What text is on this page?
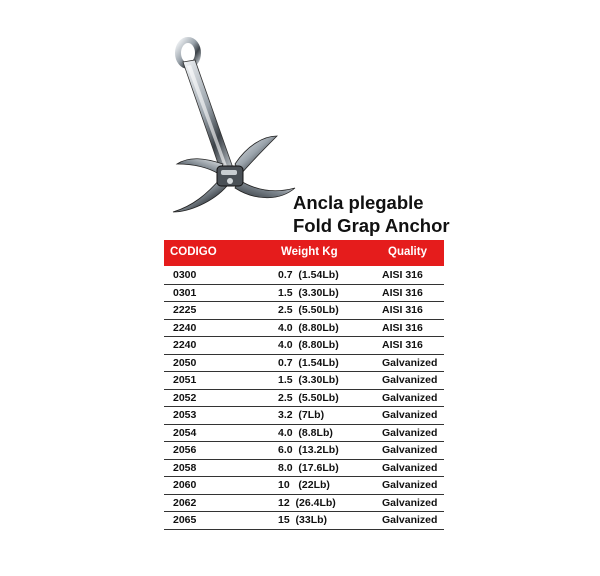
Ancla plegable
Fold Grap Anchor
CODIGO	Weight Kg	Quality
0300	0.7  (1.54Lb)	AISI 316
0301	1.5  (3.30Lb)	AISI 316
2225	2.5  (5.50Lb)	AISI 316
2240	4.0  (8.80Lb)	AISI 316
2240	4.0  (8.80Lb)	AISI 316
2050	0.7  (1.54Lb)	Galvanized
2051	1.5  (3.30Lb)	Galvanized
2052	2.5  (5.50Lb)	Galvanized
2053	3.2  (7Lb)	Galvanized
2054	4.0  (8.8Lb)	Galvanized
2056	6.0  (13.2Lb)	Galvanized
2058	8.0  (17.6Lb)	Galvanized
2060	10   (22Lb)	Galvanized
2062	12  (26.4Lb)	Galvanized
2065	15  (33Lb)	Galvanized
